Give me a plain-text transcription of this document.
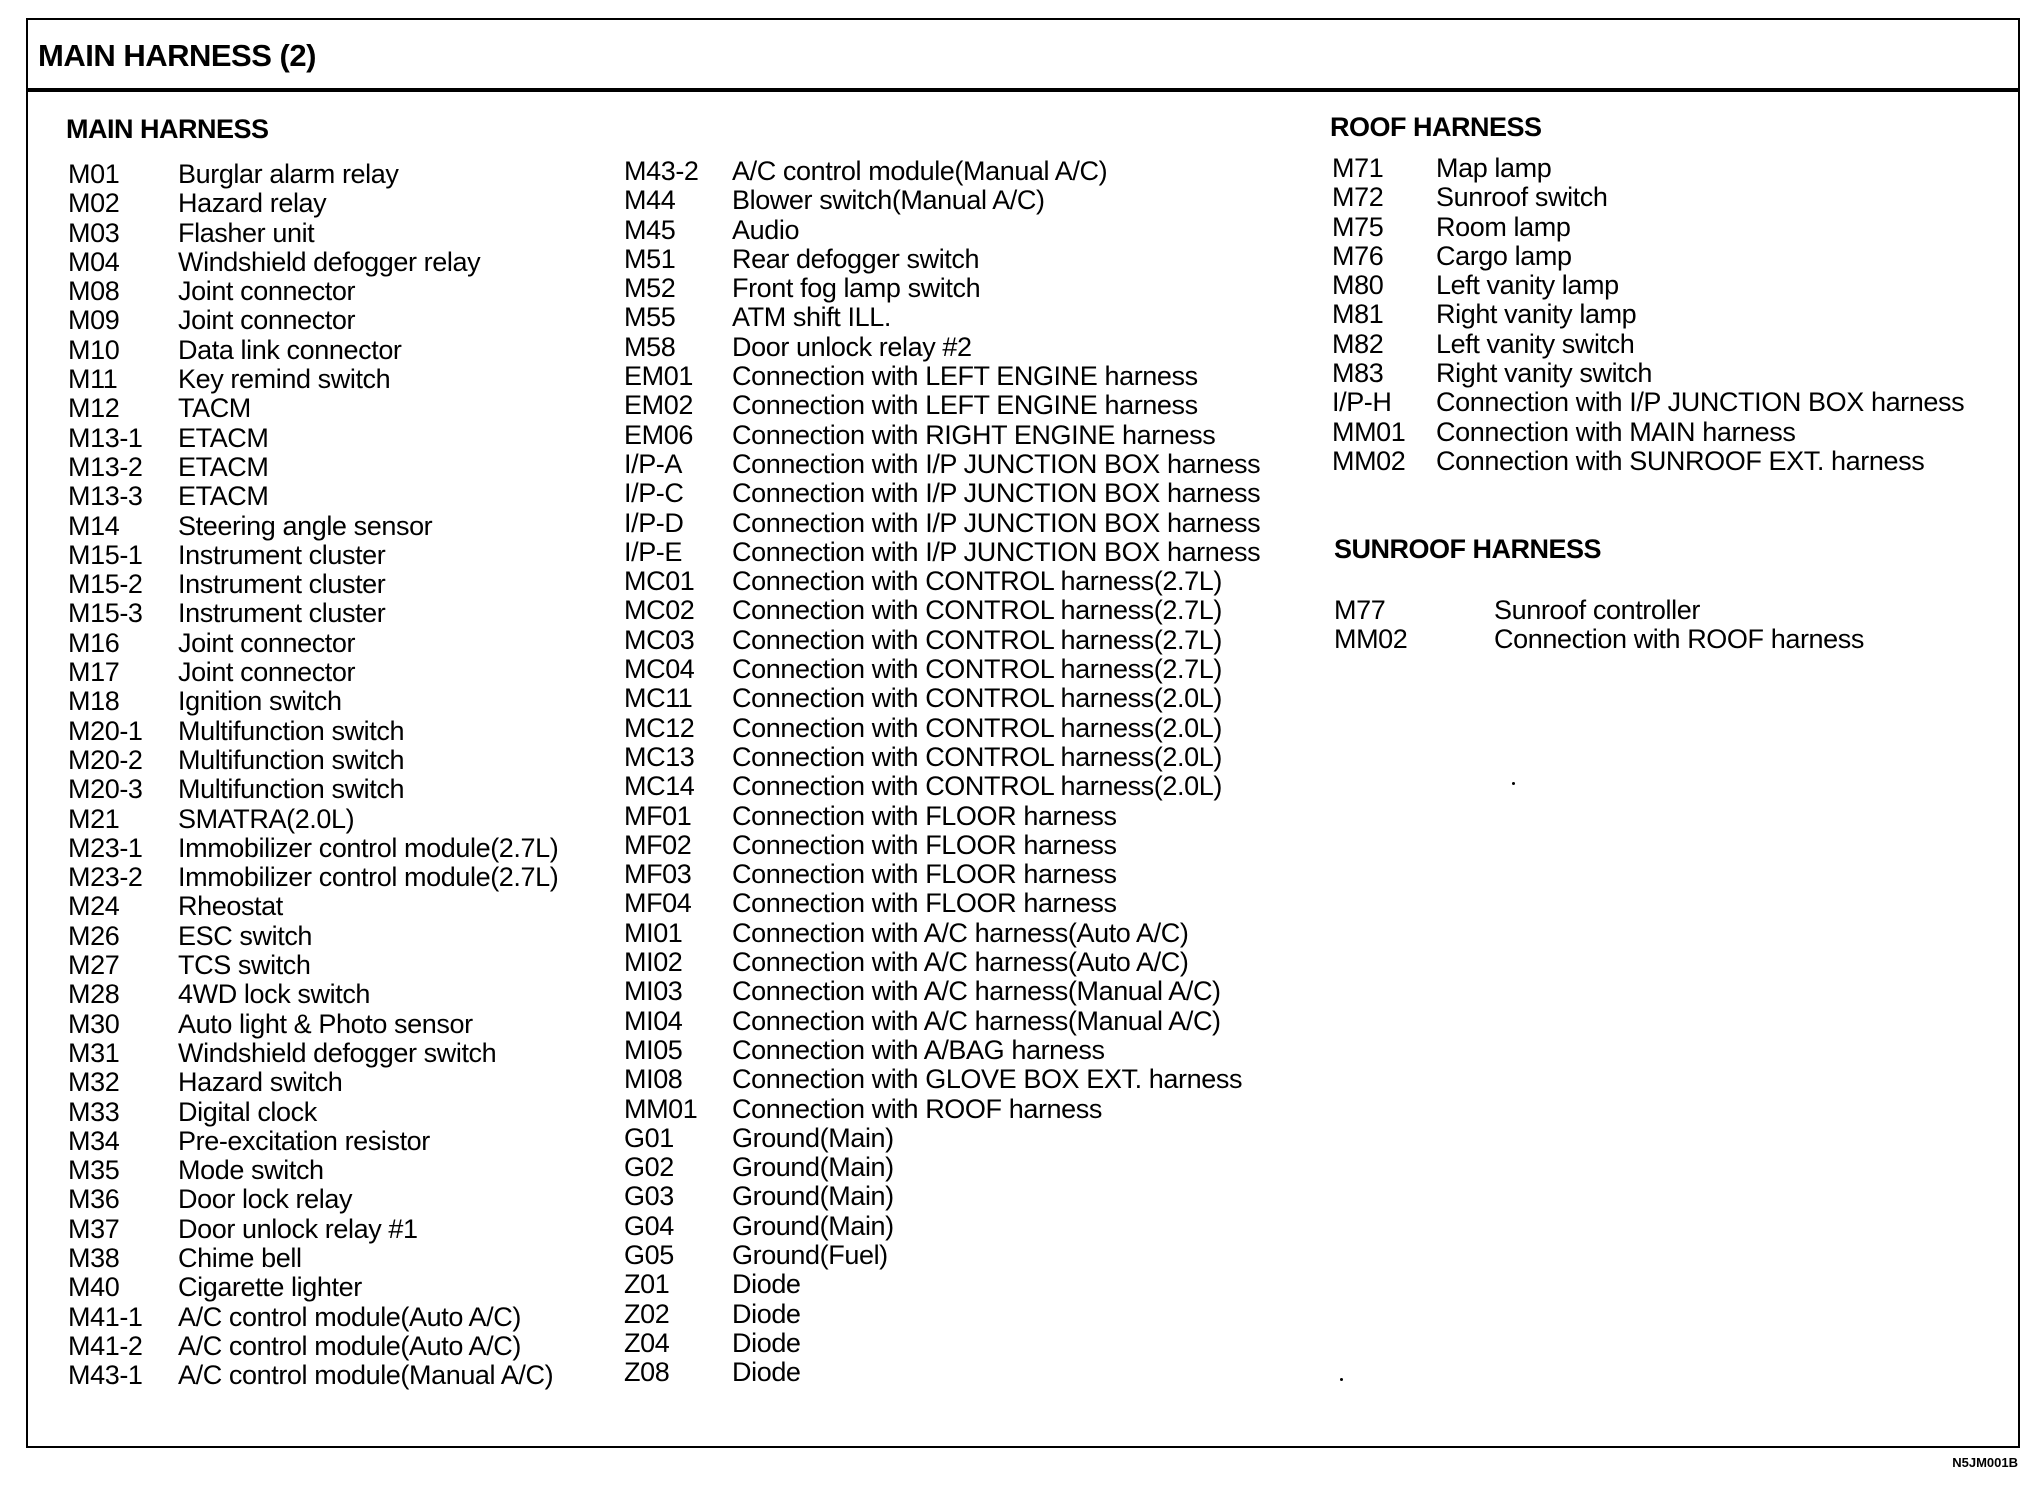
MAIN HARNESS (2)
MAIN HARNESS
M01 Burglar alarm relay
M02 Hazard relay
M03 Flasher unit
M04 Windshield defogger relay
M08 Joint connector
M09 Joint connector
M10 Data link connector
M11 Key remind switch
M12 TACM
M13-1 ETACM
M13-2 ETACM
M13-3 ETACM
M14 Steering angle sensor
M15-1 Instrument cluster
M15-2 Instrument cluster
M15-3 Instrument cluster
M16 Joint connector
M17 Joint connector
M18 Ignition switch
M20-1 Multifunction switch
M20-2 Multifunction switch
M20-3 Multifunction switch
M21 SMATRA(2.0L)
M23-1 Immobilizer control module(2.7L)
M23-2 Immobilizer control module(2.7L)
M24 Rheostat
M26 ESC switch
M27 TCS switch
M28 4WD lock switch
M30 Auto light & Photo sensor
M31 Windshield defogger switch
M32 Hazard switch
M33 Digital clock
M34 Pre-excitation resistor
M35 Mode switch
M36 Door lock relay
M37 Door unlock relay #1
M38 Chime bell
M40 Cigarette lighter
M41-1 A/C control module(Auto A/C)
M41-2 A/C control module(Auto A/C)
M43-1 A/C control module(Manual A/C)
M43-2 A/C control module(Manual A/C)
M44 Blower switch(Manual A/C)
M45 Audio
M51 Rear defogger switch
M52 Front fog lamp switch
M55 ATM shift ILL.
M58 Door unlock relay #2
EM01 Connection with LEFT ENGINE harness
EM02 Connection with LEFT ENGINE harness
EM06 Connection with RIGHT ENGINE harness
I/P-A Connection with I/P JUNCTION BOX harness
I/P-C Connection with I/P JUNCTION BOX harness
I/P-D Connection with I/P JUNCTION BOX harness
I/P-E Connection with I/P JUNCTION BOX harness
MC01 Connection with CONTROL harness(2.7L)
MC02 Connection with CONTROL harness(2.7L)
MC03 Connection with CONTROL harness(2.7L)
MC04 Connection with CONTROL harness(2.7L)
MC11 Connection with CONTROL harness(2.0L)
MC12 Connection with CONTROL harness(2.0L)
MC13 Connection with CONTROL harness(2.0L)
MC14 Connection with CONTROL harness(2.0L)
MF01 Connection with FLOOR harness
MF02 Connection with FLOOR harness
MF03 Connection with FLOOR harness
MF04 Connection with FLOOR harness
MI01 Connection with A/C harness(Auto A/C)
MI02 Connection with A/C harness(Auto A/C)
MI03 Connection with A/C harness(Manual A/C)
MI04 Connection with A/C harness(Manual A/C)
MI05 Connection with A/BAG harness
MI08 Connection with GLOVE BOX EXT. harness
MM01 Connection with ROOF harness
G01 Ground(Main)
G02 Ground(Main)
G03 Ground(Main)
G04 Ground(Main)
G05 Ground(Fuel)
Z01 Diode
Z02 Diode
Z04 Diode
Z08 Diode
ROOF HARNESS
M71 Map lamp
M72 Sunroof switch
M75 Room lamp
M76 Cargo lamp
M80 Left vanity lamp
M81 Right vanity lamp
M82 Left vanity switch
M83 Right vanity switch
I/P-H Connection with I/P JUNCTION BOX harness
MM01 Connection with MAIN harness
MM02 Connection with SUNROOF EXT. harness
SUNROOF HARNESS
M77	Sunroof controller
MM02	Connection with ROOF harness
N5JM001B
